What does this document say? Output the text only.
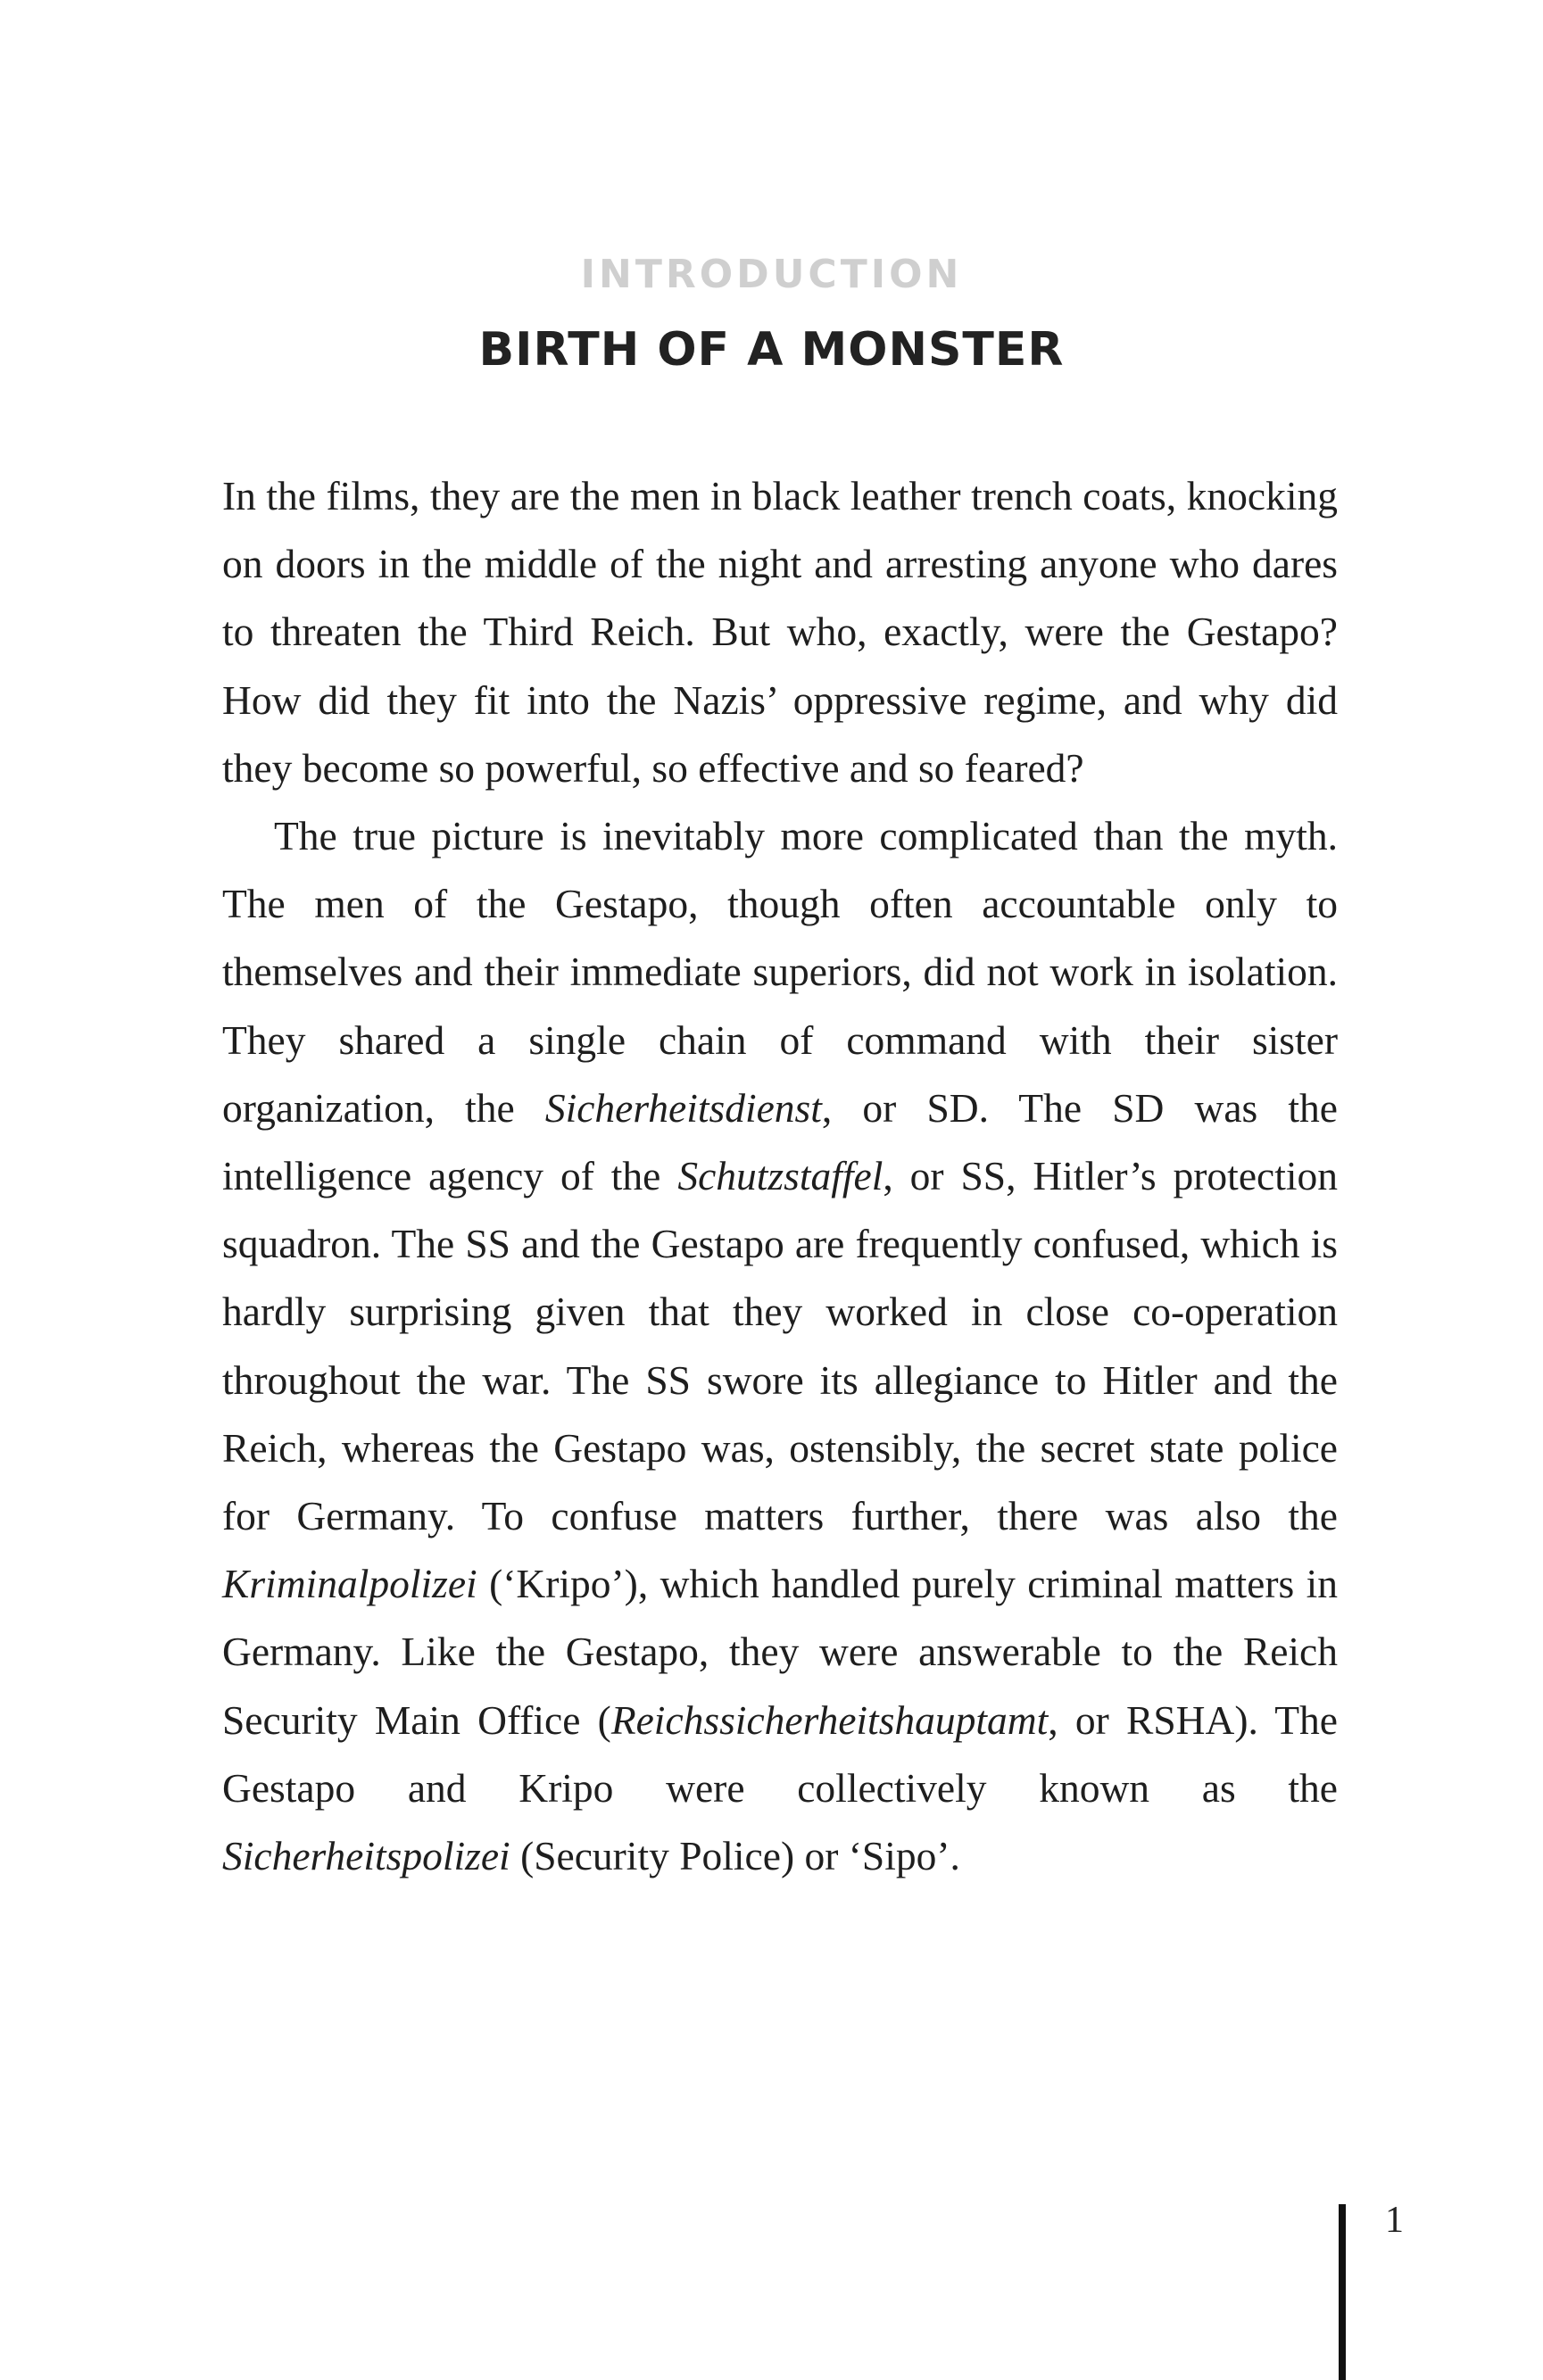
INTRODUCTION
BIRTH OF A MONSTER

In the films, they are the men in black leather trench coats, knocking on doors in the middle of the night and arresting anyone who dares to threaten the Third Reich. But who, exactly, were the Gestapo? How did they fit into the Nazis’ oppressive regime, and why did they become so powerful, so effective and so feared?

The true picture is inevitably more complicated than the myth. The men of the Gestapo, though often accountable only to themselves and their immediate superiors, did not work in isolation. They shared a single chain of command with their sister organization, the Sicherheitsdienst, or SD. The SD was the intelligence agency of the Schutzstaffel, or SS, Hitler’s protection squadron. The SS and the Gestapo are frequently confused, which is hardly surprising given that they worked in close co-operation throughout the war. The SS swore its allegiance to Hitler and the Reich, whereas the Gestapo was, ostensibly, the secret state police for Germany. To confuse matters further, there was also the Kriminalpolizei (‘Kripo’), which handled purely criminal matters in Germany. Like the Gestapo, they were answerable to the Reich Security Main Office (Reichssicherheitshauptamt, or RSHA). The Gestapo and Kripo were collectively known as the Sicherheitspolizei (Security Police) or ‘Sipo’.

1
